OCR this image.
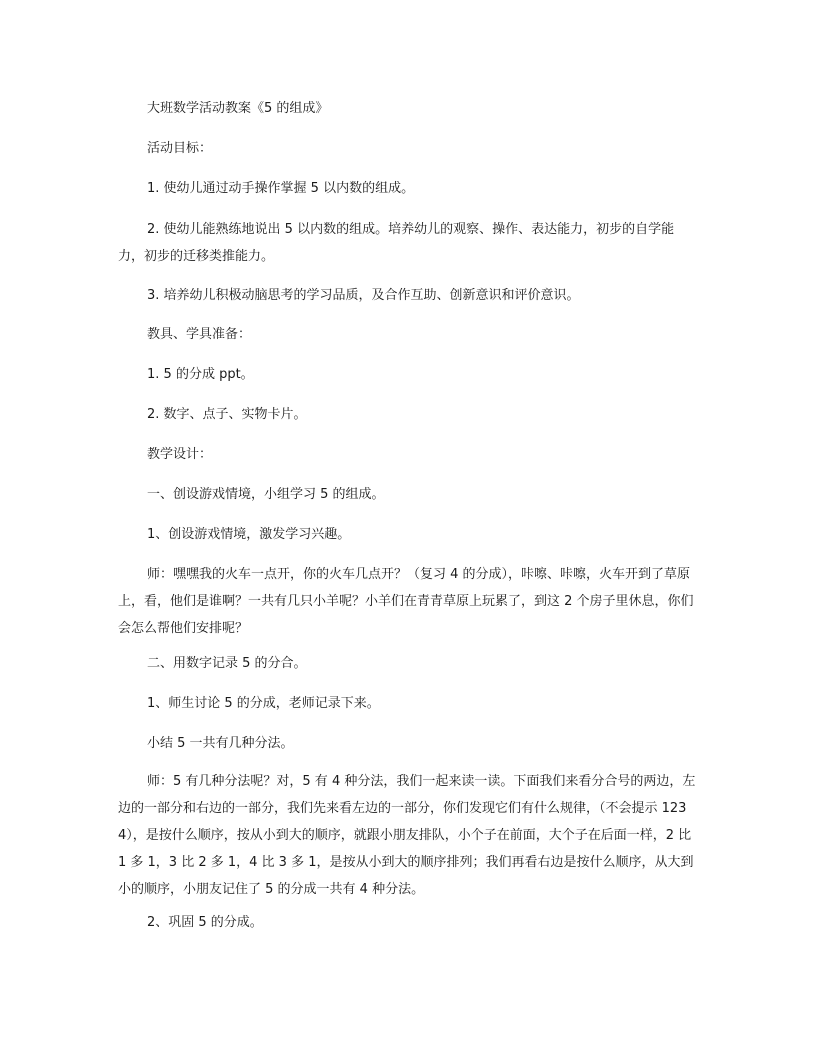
大班数学活动教案《5 的组成》

活动目标：

1. 使幼儿通过动手操作掌握 5 以内数的组成。

2. 使幼儿能熟练地说出 5 以内数的组成。培养幼儿的观察、操作、表达能力，初步的自学能力，初步的迁移类推能力。

3. 培养幼儿积极动脑思考的学习品质，及合作互助、创新意识和评价意识。

教具、学具准备：

1. 5 的分成 ppt。

2. 数字、点子、实物卡片。

教学设计：

一、创设游戏情境，小组学习 5 的组成。

1、创设游戏情境，激发学习兴趣。

师：嘿嘿我的火车一点开，你的火车几点开？（复习 4 的分成），咔嚓、咔嚓，火车开到了草原上，看，他们是谁啊？一共有几只小羊呢？小羊们在青青草原上玩累了，到这 2 个房子里休息，你们会怎么帮他们安排呢？

二、用数字记录 5 的分合。

1、师生讨论 5 的分成，老师记录下来。

小结 5 一共有几种分法。

师：5 有几种分法呢？对，5 有 4 种分法，我们一起来读一读。下面我们来看分合号的两边，左边的一部分和右边的一部分，我们先来看左边的一部分，你们发现它们有什么规律，（不会提示 1234），是按什么顺序，按从小到大的顺序，就跟小朋友排队，小个子在前面，大个子在后面一样，2 比 1 多 1，3 比 2 多 1，4 比 3 多 1，是按从小到大的顺序排列；我们再看右边是按什么顺序，从大到小的顺序，小朋友记住了 5 的分成一共有 4 种分法。

2、巩固 5 的分成。
